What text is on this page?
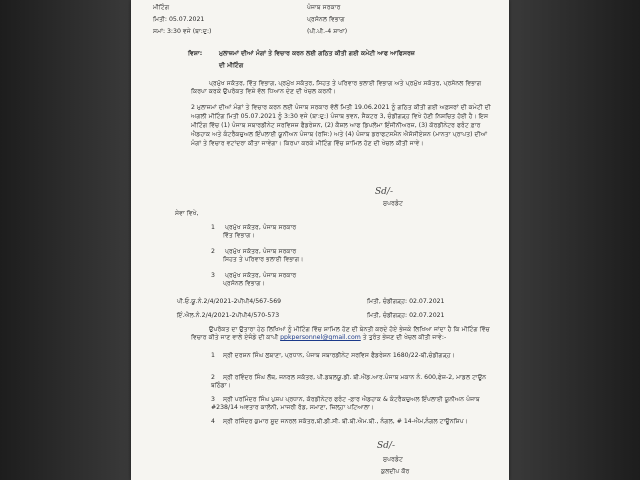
ਮੀਟਿੰਗ
ਮਿਤੀ: 05.07.2021
ਸਮਾਂ: 3:30 ਵਜੇ (ਬਾ:ਦੁ:)
ਪੰਜਾਬ ਸਰਕਾਰ
ਪ੍ਰਸੋਨਲ ਵਿਭਾਗ
(ਪੀ.ਪੀ.-4 ਸ਼ਾਖਾ)
ਵਿਸ਼ਾ:	ਮੁਲਾਜ਼ਮਾਂ ਦੀਆਂ ਮੰਗਾਂ ਤੇ ਵਿਚਾਰ ਕਰਨ ਲਈ ਗਠਿਤ ਕੀਤੀ ਗਈ ਕਮੇਟੀ ਆਫ ਆਫਿਸਰਜ਼
ਦੀ ਮੀਟਿੰਗ
ਪ੍ਰਮੁੱਖ ਸਕੱਤਰ, ਵਿੱਤ ਵਿਭਾਗ, ਪ੍ਰਮੁੱਖ ਸਕੱਤਰ, ਸਿਹਤ ਤੇ ਪਰਿਵਾਰ ਭਲਾਈ ਵਿਭਾਗ ਅਤੇ ਪ੍ਰਮੁੱਖ ਸਕੱਤਰ, ਪ੍ਰਸੋਨਲ ਵਿਭਾਗ ਕਿਰਪਾ ਕਰਕੇ ਉਪਰੋਕਤ ਵਿਸ਼ੇ ਵੱਲ ਧਿਆਨ ਦੇਣ ਦੀ ਖੇਚਲ ਕਰਨੀ।
2 ਮੁਲਾਜ਼ਮਾਂ ਦੀਆਂ ਮੰਗਾਂ ਤੇ ਵਿਚਾਰ ਕਰਨ ਲਈ ਪੰਜਾਬ ਸਰਕਾਰ ਵੱਲੋਂ ਮਿਤੀ 19.06.2021 ਨੂੰ ਗਠਿਤ ਕੀਤੀ ਗਈ ਅਫ਼ਸਰਾਂ ਦੀ ਕਮੇਟੀ ਦੀ ਅਗਲੀ ਮੀਟਿੰਗ ਮਿਤੀ 05.07.2021 ਨੂੰ 3:30 ਵਜੇ (ਬਾ:ਦੁ:) ਪੰਜਾਬ ਭਵਨ, ਸੈਕਟਰ 3, ਚੰਡੀਗੜ੍ਹ ਵਿਖੇ ਹੋਣੀ ਨਿਸ਼ਚਿਤ ਹੋਈ ਹੈ। ਇਸ ਮੀਟਿੰਗ ਵਿੱਚ (1) ਪੰਜਾਬ ਸਬਾਰਡੀਨੇਟ ਸਰਵਿਸਜ਼ ਫੈਡਰੇਸ਼ਨ, (2) ਕੈਸ਼ਲ ਆਫ ਡਿਪਲੋਮਾ ਇੰਜੀਨੀਅਰਜ਼, (3) ਕੋਰਡੀਨੇਟਰ ਫਰੰਟ ਫ਼ਾਰ ਐਡਹਾਕ ਅਤੇ ਕੰਟਰੈਕਚੁਅਲ ਇੰਪਲਾਈ ਯੂਨੀਅਨ ਪੰਜਾਬ (ਰਜਿ:) ਅਤੇ (4) ਪੰਜਾਬ ਡਰਾਫਟਸਮੈਨ ਐਸੋਸੀਏਸ਼ਨ (ਮਾਨਤਾ ਪ੍ਰਾਪਤ) ਦੀਆਂ ਮੰਗਾਂ ਤੇ ਵਿਚਾਰ ਵਟਾਂਦਰਾ ਕੀਤਾ ਜਾਵੇਗਾ। ਕਿਰਪਾ ਕਰਕੇ ਮੀਟਿੰਗ ਵਿੱਚ ਸ਼ਾਮਿਲ ਹੋਣ ਦੀ ਖੇਚਲ ਕੀਤੀ ਜਾਵੇ।
Sd/-
ਸੁਪਰਡੰਟ
ਸੇਵਾ ਵਿਖੇ,
1 ਪ੍ਰਮੁੱਖ ਸਕੱਤਰ, ਪੰਜਾਬ ਸਰਕਾਰ
ਵਿੱਤ ਵਿਭਾਗ।
2 ਪ੍ਰਮੁੱਖ ਸਕੱਤਰ, ਪੰਜਾਬ ਸਰਕਾਰ
ਸਿਹਤ ਤੇ ਪਰਿਵਾਰ ਭਲਾਈ ਵਿਭਾਗ।
3 ਪ੍ਰਮੁੱਖ ਸਕੱਤਰ, ਪੰਜਾਬ ਸਰਕਾਰ
ਪ੍ਰਸੋਨਲ ਵਿਭਾਗ।
ਪੀ.ਓ.ਯੂ.ਨੰ.2/4/2021-2ਪੀਪੀ4/567-569	ਮਿਤੀ, ਚੰਡੀਗੜ੍ਹ: 02.07.2021
ਇੰ.ਐਲ.ਨੰ.2/4/2021-2ਪੀਪੀ4/570-573	ਮਿਤੀ, ਚੰਡੀਗੜ੍ਹ: 02.07.2021
ਉਪਰੋਕਤ ਦਾ ਉਤਾਰਾ ਹੇਠ ਲਿਖਿਆਂ ਨੂੰ ਮੀਟਿੰਗ ਵਿੱਚ ਸ਼ਾਮਿਲ ਹੋਣ ਦੀ ਬੇਨਤੀ ਕਰਦੇ ਹੋਏ ਭੇਜਕੇ ਲਿਖਿਆ ਜਾਂਦਾ ਹੈ ਕਿ ਮੀਟਿੰਗ ਵਿੱਚ ਵਿਚਾਰ ਕੀਤੇ ਜਾਣ ਵਾਲੇ ਏਜੰਡੇ ਦੀ ਕਾਪੀ ppkpersonnel@gmail.com ਤੇ ਤੁਰੰਤ ਭੇਜਣ ਦੀ ਖੇਚਲ ਕੀਤੀ ਜਾਵੇ:-
1 ਸ੍ਰੀ ਦਰਸ਼ਨ ਸਿੰਘ ਲੁਬਾਣਾ, ਪ੍ਰਧਾਨ, ਪੰਜਾਬ ਸਬਾਰਡੀਨੇਟ ਸਰਵਿਸ ਫੈਡਰੇਸ਼ਨ 1680/22-ਬੀ,ਚੰਡੀਗੜ੍ਹ।
2 ਸ੍ਰੀ ਰਵਿੰਦਰ ਸਿੰਘ ਲੌਥ, ਜਨਰਲ ਸਕੱਤਰ, ਪੀ.ਡਬਲਯੂ.ਡੀ. ਬੀ.ਐਂਡ.ਆਰ.ਪੰਜਾਬ ਮਕਾਨ ਨੰ. 600,ਫੇਜ਼-2, ਮਾਡਲ ਟਾਊਨ ਬਠਿੰਡਾ।
3 ਸ੍ਰੀ ਪਰਮਿੰਦਰ ਸਿੰਘ ਪੁਸ਼ਪ ਪ੍ਰਧਾਨ, ਕੋਰਡੀਨੇਟਰ ਫਰੰਟ -ਫ਼ਾਰ ਐਡਹਾਕ & ਕੰਟਰੈਕਚੁਅਲ ਇੰਪਲਾਈ ਯੂਨੀਅਨ ਪੰਜਾਬ #238/14 ਅਵਤਾਰ ਕਾਲੋਨੀ, ਮਾਜਰੀ ਰੋਡ, ਸਮਾਣਾ, ਜ਼ਿਲ੍ਹਾ ਪਟਿਆਲਾ।
4 ਸ੍ਰੀ ਰਜਿੰਦਰ ਕੁਮਾਰ ਸੂਦ ਜਨਰਲ ਸਕੱਤਰ,ਬੀ.ਡੀ.ਸੀ. ਬੀ.ਬੀ.ਐਮ.ਬੀ., ਨੰਗਲ, # 14-ਐਮ,ਨੰਗਲ ਟਾਊਨਸ਼ਿਪ।
Sd/-
ਸੁਪਰਡੰਟ
ਕੁਲਦੀਪ ਕੌਰ
